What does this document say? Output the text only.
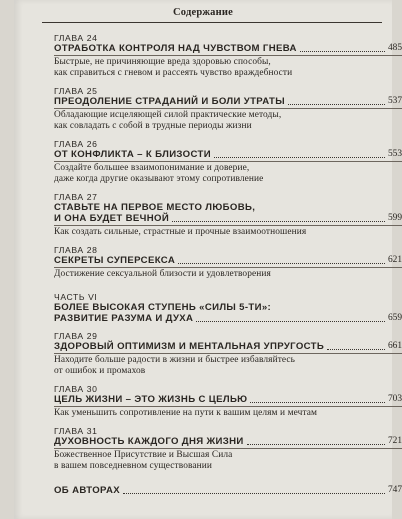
Содержание
ГЛАВА 24
ОТРАБОТКА КОНТРОЛЯ НАД ЧУВСТВОМ ГНЕВА	485
Быстрые, не причиняющие вреда здоровью способы,
как справиться с гневом и рассеять чувство враждебности
ГЛАВА 25
ПРЕОДОЛЕНИЕ СТРАДАНИЙ И БОЛИ УТРАТЫ	537
Обладающие исцеляющей силой практические методы,
как совладать с собой в трудные периоды жизни
ГЛАВА 26
ОТ КОНФЛИКТА – К БЛИЗОСТИ	553
Создайте большее взаимопонимание и доверие,
даже когда другие оказывают этому сопротивление
ГЛАВА 27
СТАВЬТЕ НА ПЕРВОЕ МЕСТО ЛЮБОВЬ,
И ОНА БУДЕТ ВЕЧНОЙ	599
Как создать сильные, страстные и прочные взаимоотношения
ГЛАВА 28
СЕКРЕТЫ СУПЕРСЕКСА	621
Достижение сексуальной близости и удовлетворения
ЧАСТЬ VI
БОЛЕЕ ВЫСОКАЯ СТУПЕНЬ «СИЛЫ 5-ТИ»:
РАЗВИТИЕ РАЗУМА И ДУХА	659
ГЛАВА 29
ЗДОРОВЫЙ ОПТИМИЗМ И МЕНТАЛЬНАЯ УПРУГОСТЬ	661
Находите больше радости в жизни и быстрее избавляйтесь
от ошибок и промахов
ГЛАВА 30
ЦЕЛЬ ЖИЗНИ – ЭТО ЖИЗНЬ С ЦЕЛЬЮ	703
Как уменьшить сопротивление на пути к вашим целям и мечтам
ГЛАВА 31
ДУХОВНОСТЬ КАЖДОГО ДНЯ ЖИЗНИ	721
Божественное Присутствие и Высшая Сила
в вашем повседневном существовании
ОБ АВТОРАХ	747
